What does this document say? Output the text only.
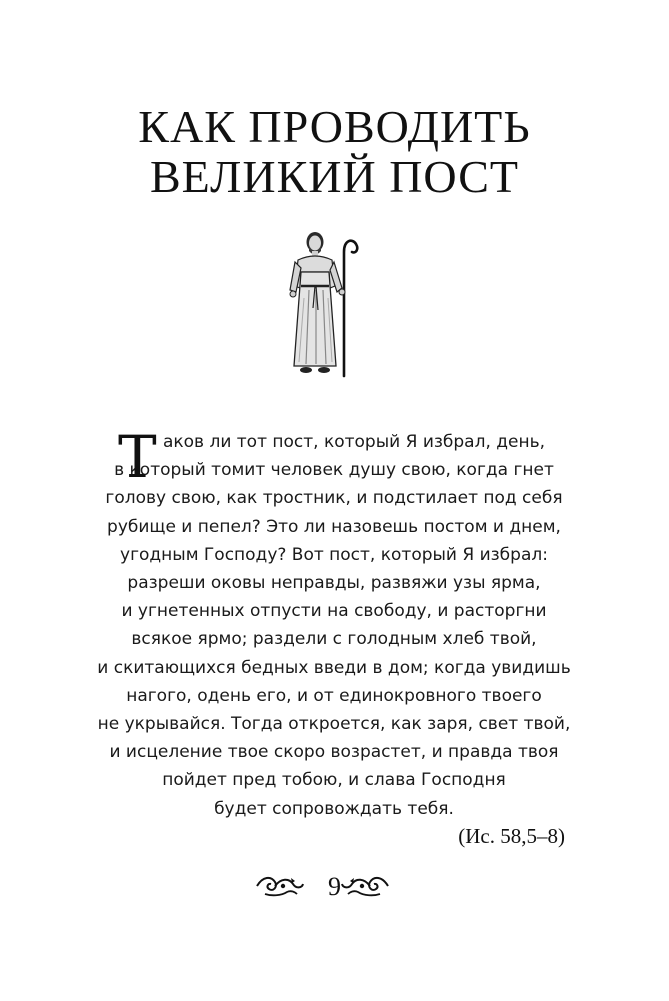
КАК ПРОВОДИТЬ
ВЕЛИКИЙ ПОСТ
Т аков ли тот пост, который Я избрал, день,
в который томит человек душу свою, когда гнет
голову свою, как тростник, и подстилает под себя
рубище и пепел? Это ли назовешь постом и днем,
угодным Господу? Вот пост, который Я избрал:
разреши оковы неправды, развяжи узы ярма,
и угнетенных отпусти на свободу, и расторгни
всякое ярмо; раздели с голодным хлеб твой,
и скитающихся бедных введи в дом; когда увидишь
нагого, одень его, и от единокровного твоего
не укрывайся. Тогда откроется, как заря, свет твой,
и исцеление твое скоро возрастет, и правда твоя
пойдет пред тобою, и слава Господня
будет сопровождать тебя.
(Ис. 58,5–8)
9
